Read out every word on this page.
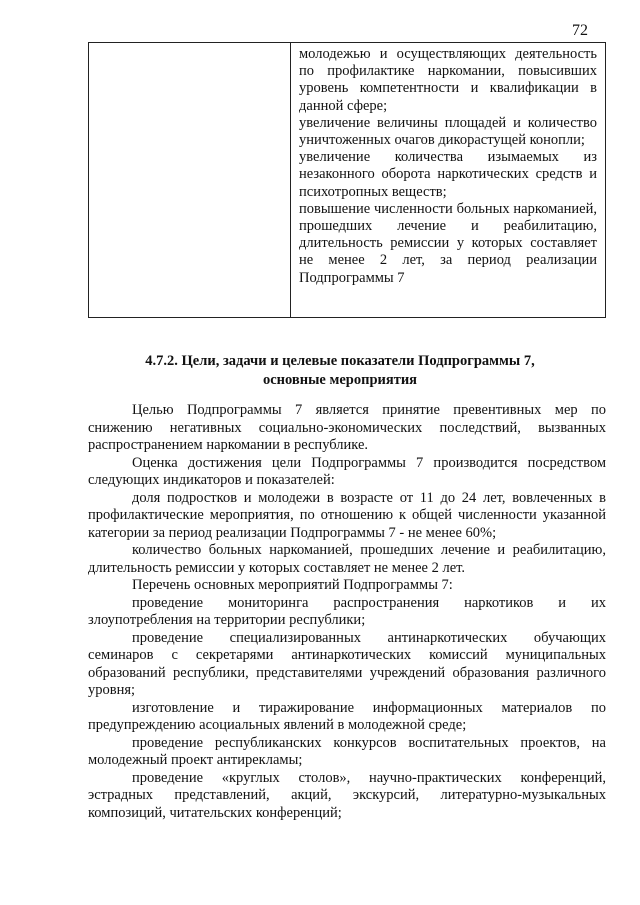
72

молодежью и осуществляющих деятельность по профилактике наркомании, повысивших уровень компетентности и квалификации в данной сфере;

увеличение величины площадей и количество уничтоженных очагов дикорастущей конопли;

увеличение количества изымаемых из незаконного оборота наркотических средств и психотропных веществ;

повышение численности больных наркоманией, прошедших лечение и реабилитацию, длительность ремиссии у которых составляет не менее 2 лет, за период реализации Подпрограммы 7

4.7.2. Цели, задачи и целевые показатели Подпрограммы 7,
основные мероприятия

Целью Подпрограммы 7 является принятие превентивных мер по снижению негативных социально-экономических последствий, вызванных распространением наркомании в республике.

Оценка достижения цели Подпрограммы 7 производится посредством следующих индикаторов и показателей:

доля подростков и молодежи в возрасте от 11 до 24 лет, вовлеченных в профилактические мероприятия, по отношению к общей численности указанной категории за период реализации Подпрограммы 7 - не менее 60%;

количество больных наркоманией, прошедших лечение и реабилитацию, длительность ремиссии у которых составляет не менее 2 лет.

Перечень основных мероприятий Подпрограммы 7:

проведение мониторинга распространения наркотиков и их злоупотребления на территории республики;

проведение специализированных антинаркотических обучающих семинаров с секретарями антинаркотических комиссий муниципальных образований республики, представителями учреждений образования различного уровня;

изготовление и тиражирование информационных материалов по предупреждению асоциальных явлений в молодежной среде;

проведение республиканских конкурсов воспитательных проектов, на молодежный проект антирекламы;

проведение «круглых столов», научно-практических конференций, эстрадных представлений, акций, экскурсий, литературно-музыкальных композиций, читательских конференций;
